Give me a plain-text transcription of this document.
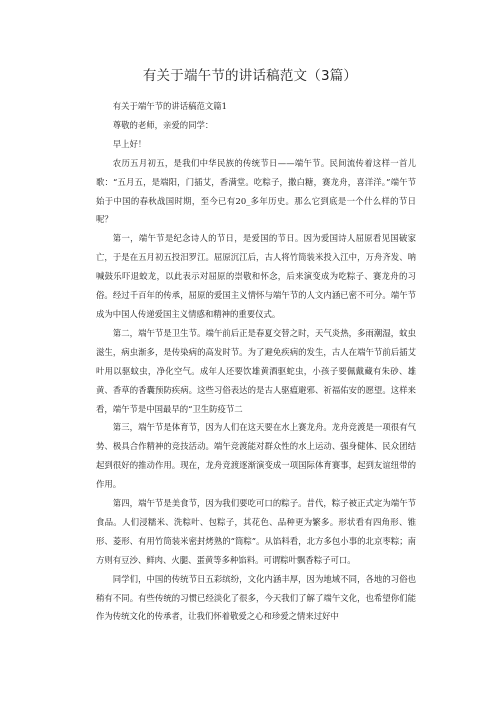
有关于端午节的讲话稿范文（3篇）

有关于端午节的讲话稿范文篇1

尊敬的老师，亲爱的同学：

早上好！

农历五月初五，是我们中华民族的传统节日——端午节。民间流传着这样一首儿歌：“五月五，是端阳，门插艾，香满堂。吃粽子，撒白糖，赛龙舟，喜洋洋。”端午节始于中国的春秋战国时期，至今已有20_多年历史。那么它到底是一个什么样的节日呢？

第一，端午节是纪念诗人的节日，是爱国的节日。因为爱国诗人屈原看见国破家亡，于是在五月初五投汨罗江。屈原沉江后，古人将竹筒装米投入江中，万舟齐发、呐喊鼓乐吓退蛟龙，以此表示对屈原的崇敬和怀念，后来演变成为吃粽子、赛龙舟的习俗。经过千百年的传承，屈原的爱国主义情怀与端午节的人文内涵已密不可分。端午节成为中国人传递爱国主义情感和精神的重要仪式。

第二，端午节是卫生节。端午前后正是春夏交替之时，天气炎热，多雨潮湿，蚊虫滋生，病虫渐多，是传染病的高发时节。为了避免疾病的发生，古人在端午节前后插艾叶用以驱蚊虫，净化空气。成年人还要饮雄黄酒驱蛇虫，小孩子要佩戴藏有朱砂、雄黄、香草的香囊预防疾病。这些习俗表达的是古人驱瘟避邪、祈福佑安的愿望。这样来看，端午节是中国最早的“卫生防疫节二

第三，端午节是体育节，因为人们在这天要在水上赛龙舟。龙舟竞渡是一项很有气势、极具合作精神的竞技活动。端午竞渡能对群众性的水上运动、强身健体、民众团结起到很好的推动作用。现在，龙舟竞渡逐渐演变成一项国际体育赛事，起到友谊纽带的作用。

第四，端午节是美食节，因为我们要吃可口的粽子。昔代，粽子被正式定为端午节食品。人们浸糯米、洗粽叶、包粽子，其花色、品种更为繁多。形状看有四角形、锥形、菱形、有用竹筒装米密封烤熟的“筒粽”。从馅料看，北方多包小事的北京枣粽；南方则有豆沙、鲜肉、火腿、蛋黄等多种馅料。可谓粽叶飘香粽子可口。

同学们，中国的传统节日五彩缤纷，文化内涵丰厚，因为地域不同，各地的习俗也稍有不同。有些传统的习惯已经淡化了很多，今天我们了解了端午文化，也希望你们能作为传统文化的传承者，让我们怀着敬爱之心和珍爱之情来过好中
